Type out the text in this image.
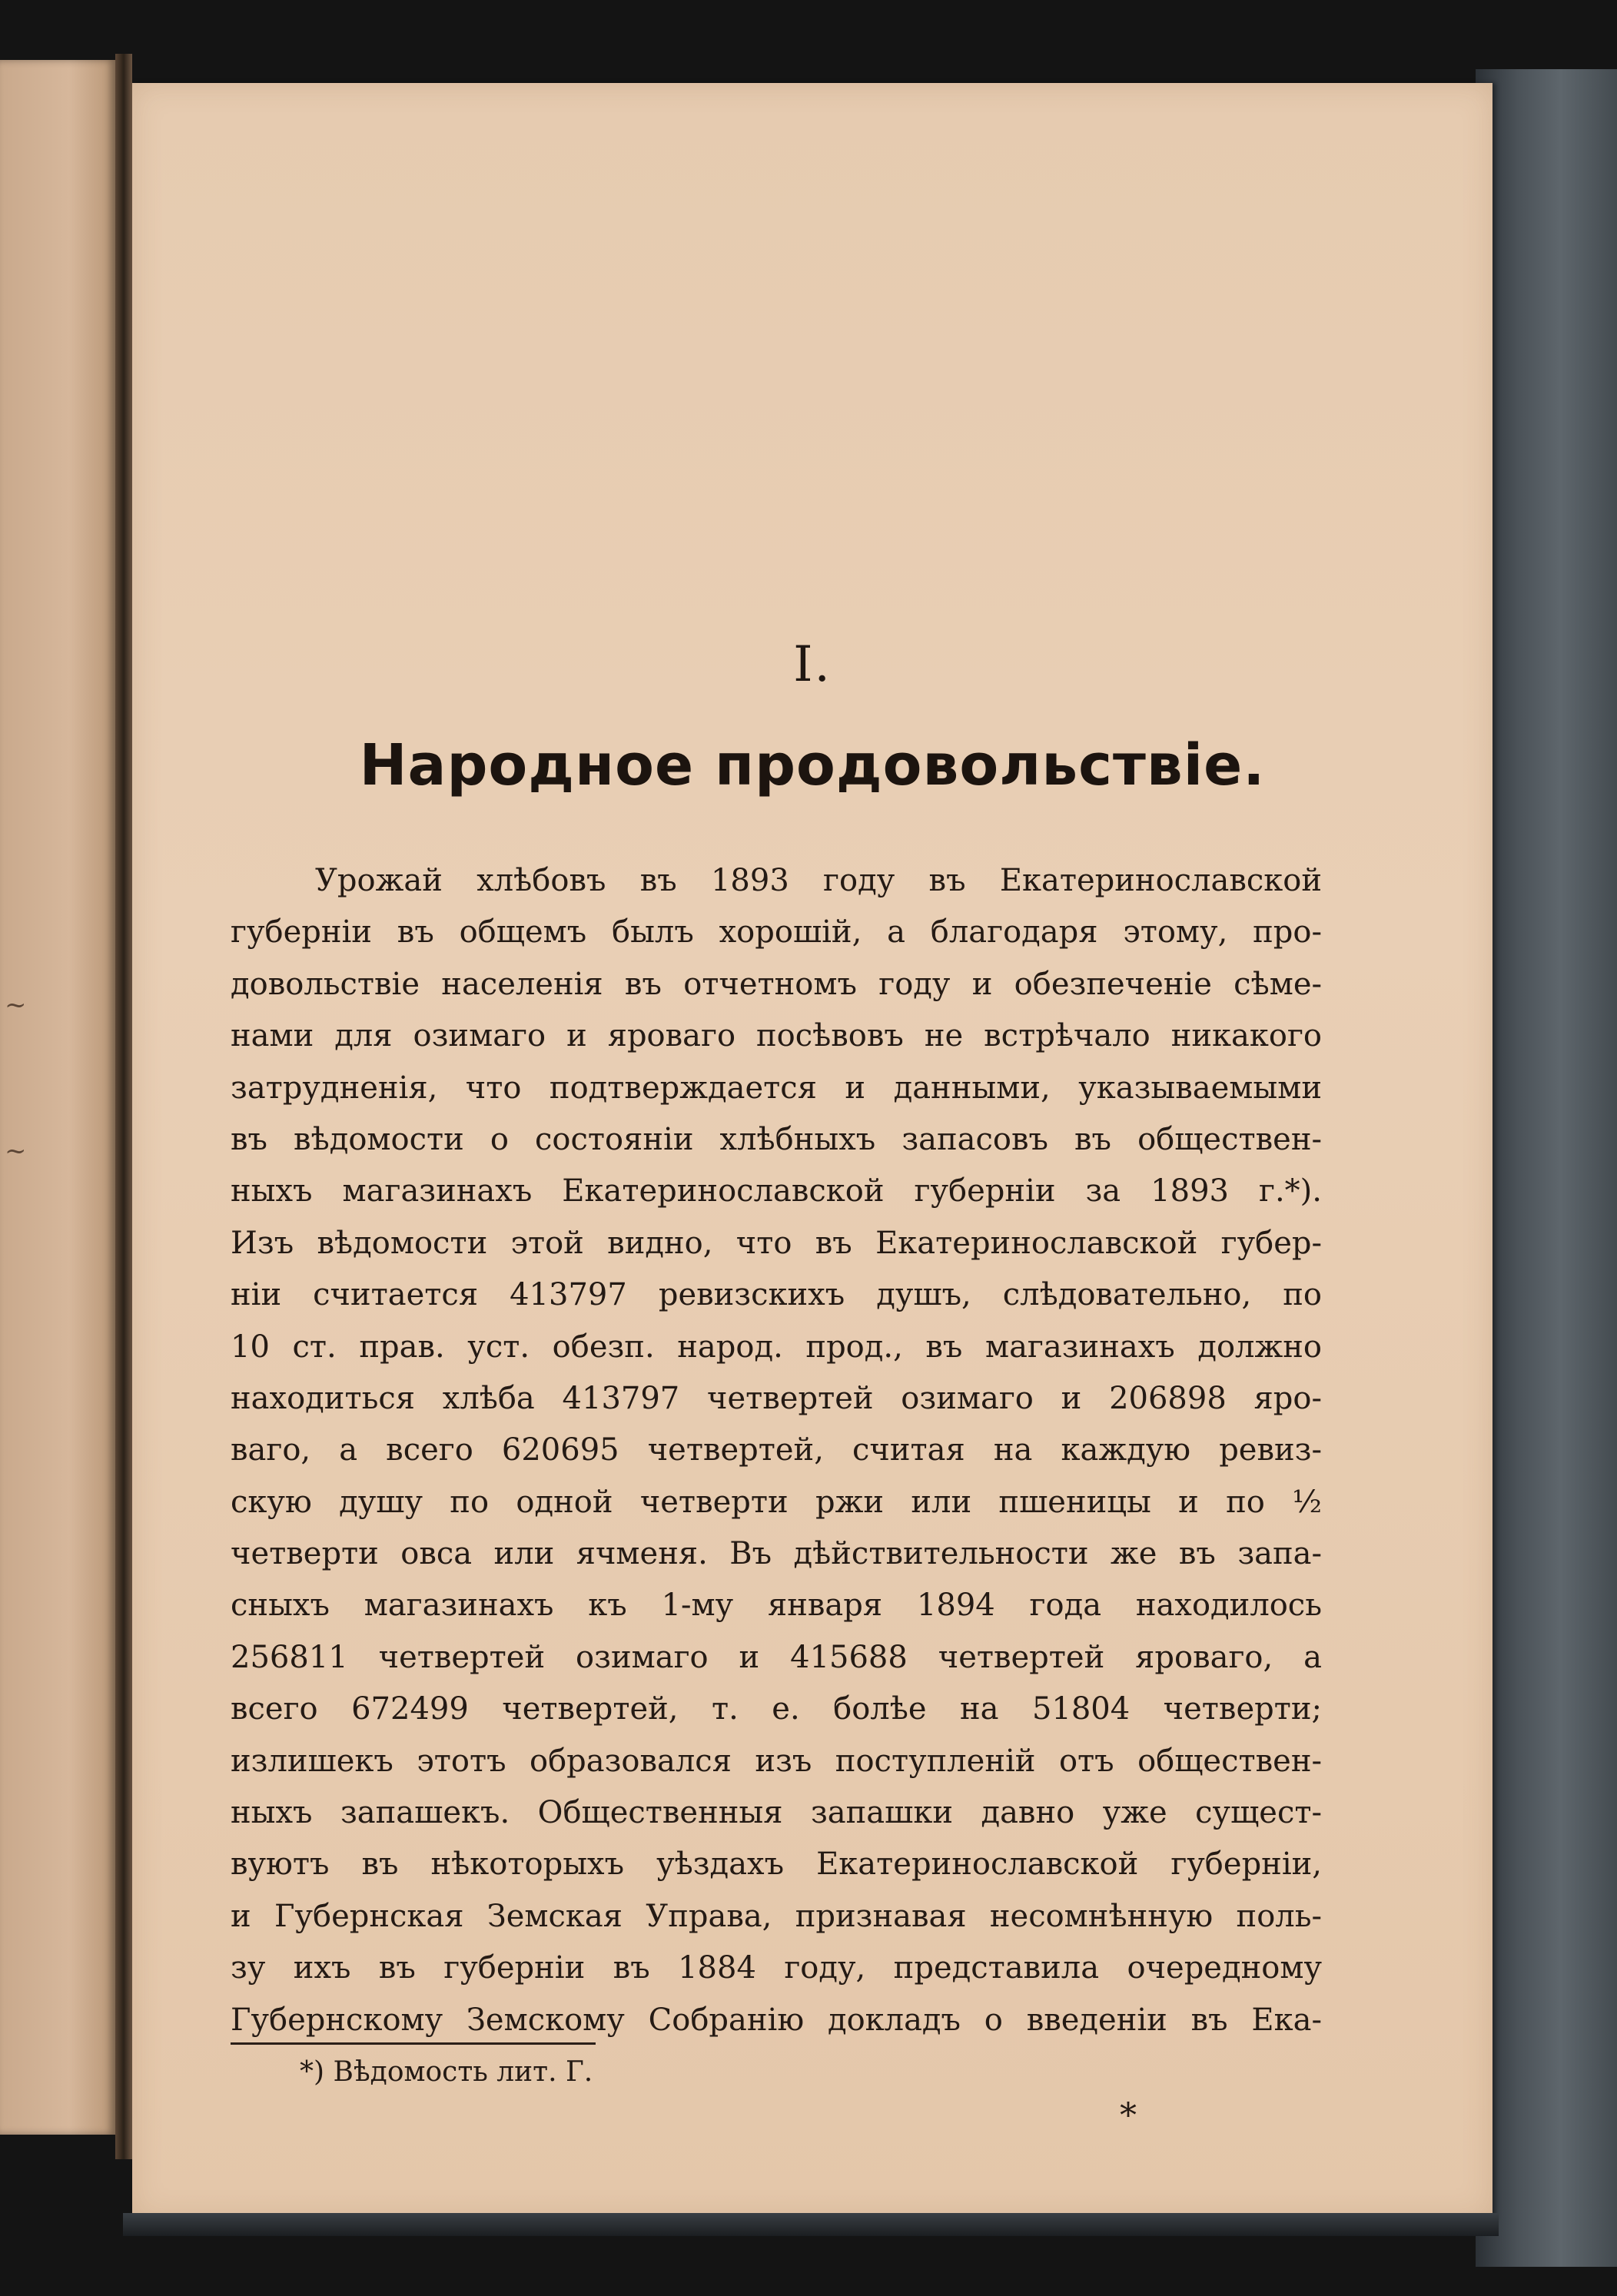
~
~
I.
Народное продовольствіе.
Урожай хлѣбовъ въ 1893 году въ Екатеринославской
губерніи въ общемъ былъ хорошій, а благодаря этому, про-
довольствіе населенія въ отчетномъ году и обезпеченіе сѣме-
нами для озимаго и яроваго посѣвовъ не встрѣчало никакого
затрудненія, что подтверждается и данными, указываемыми
въ вѣдомости о состояніи хлѣбныхъ запасовъ въ обществен-
ныхъ магазинахъ Екатеринославской губерніи за 1893 г.*).
Изъ вѣдомости этой видно, что въ Екатеринославской губер-
ніи считается 413797 ревизскихъ душъ, слѣдовательно, по
10 ст. прав. уст. обезп. народ. прод., въ магазинахъ должно
находиться хлѣба 413797 четвертей озимаго и 206898 яро-
ваго, а всего 620695 четвертей, считая на каждую ревиз-
скую душу по одной четверти ржи или пшеницы и по ½
четверти овса или ячменя. Въ дѣйствительности же въ запа-
сныхъ магазинахъ къ 1-му января 1894 года находилось
256811 четвертей озимаго и 415688 четвертей яроваго, а
всего 672499 четвертей, т. е. болѣе на 51804 четверти;
излишекъ этотъ образовался изъ поступленій отъ обществен-
ныхъ запашекъ. Общественныя запашки давно уже сущест-
вуютъ въ нѣкоторыхъ уѣздахъ Екатеринославской губерніи,
и Губернская Земская Управа, признавая несомнѣнную поль-
зу ихъ въ губерніи въ 1884 году, представила очередному
Губернскому Земскому Собранію докладъ о введеніи въ Ека-
*) Вѣдомость лит. Г.
*
